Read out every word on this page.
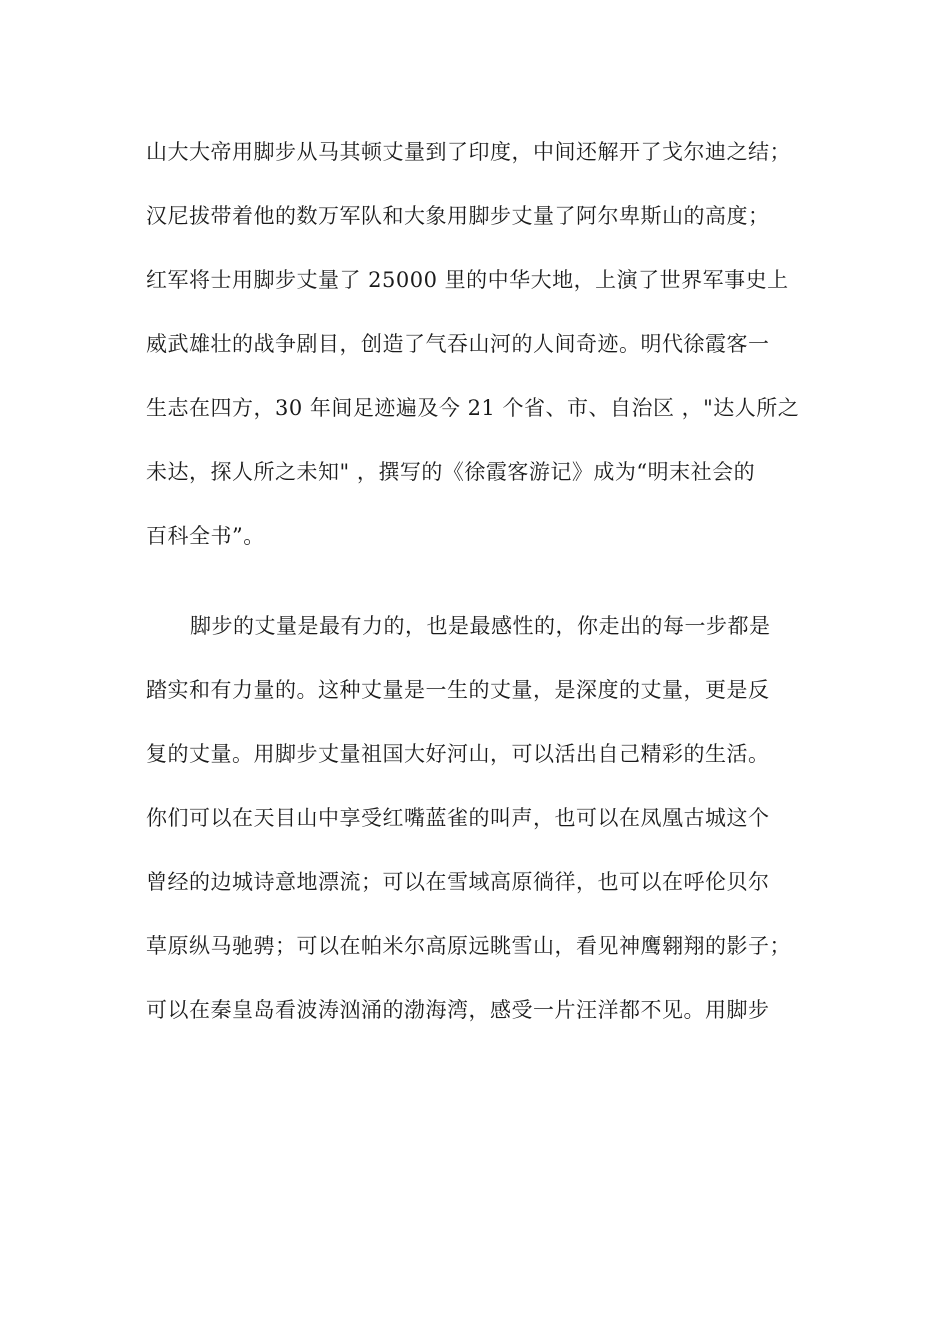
山大大帝用脚步从马其顿丈量到了印度，中间还解开了戈尔迪之结；
汉尼拔带着他的数万军队和大象用脚步丈量了阿尔卑斯山的高度；
红军将士用脚步丈量了 25000 里的中华大地，上演了世界军事史上
威武雄壮的战争剧目，创造了气吞山河的人间奇迹。明代徐霞客一
生志在四方，30 年间足迹遍及今 21 个省、市、自治区 ，"达人所之
未达，探人所之未知" ，撰写的《徐霞客游记》成为“明末社会的
百科全书”。
脚步的丈量是最有力的，也是最感性的，你走出的每一步都是
踏实和有力量的。这种丈量是一生的丈量，是深度的丈量，更是反
复的丈量。用脚步丈量祖国大好河山，可以活出自己精彩的生活。
你们可以在天目山中享受红嘴蓝雀的叫声，也可以在凤凰古城这个
曾经的边城诗意地漂流；可以在雪域高原徜徉，也可以在呼伦贝尔
草原纵马驰骋；可以在帕米尔高原远眺雪山，看见神鹰翱翔的影子；
可以在秦皇岛看波涛汹涌的渤海湾，感受一片汪洋都不见。用脚步
